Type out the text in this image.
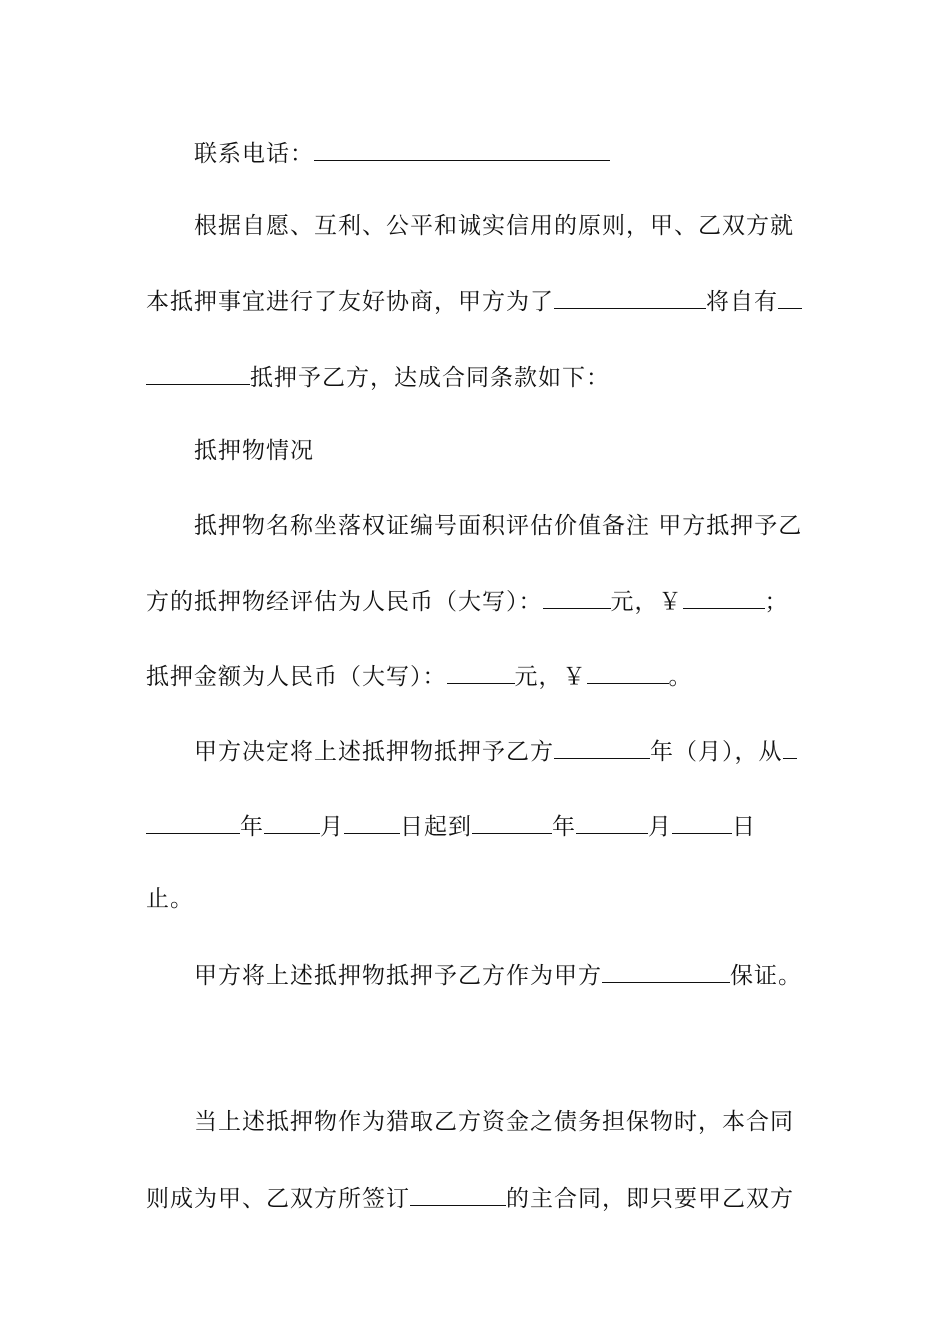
联系电话：
根据自愿、互利、公平和诚实信用的原则，甲、乙双方就
本抵押事宜进行了友好协商，甲方为了	将自有
抵押予乙方，达成合同条款如下：
抵押物情况
抵押物名称坐落权证编号面积评估价值备注 甲方抵押予乙
方的抵押物经评估为人民币（大写）：	元，￥	；
抵押金额为人民币（大写）：	元，￥	。
甲方决定将上述抵押物抵押予乙方	年（月），从
年 月 日起到	年	月	日
止。
甲方将上述抵押物抵押予乙方作为甲方	保证。
当上述抵押物作为猎取乙方资金之债务担保物时，本合同
则成为甲、乙双方所签订	的主合同，即只要甲乙双方
